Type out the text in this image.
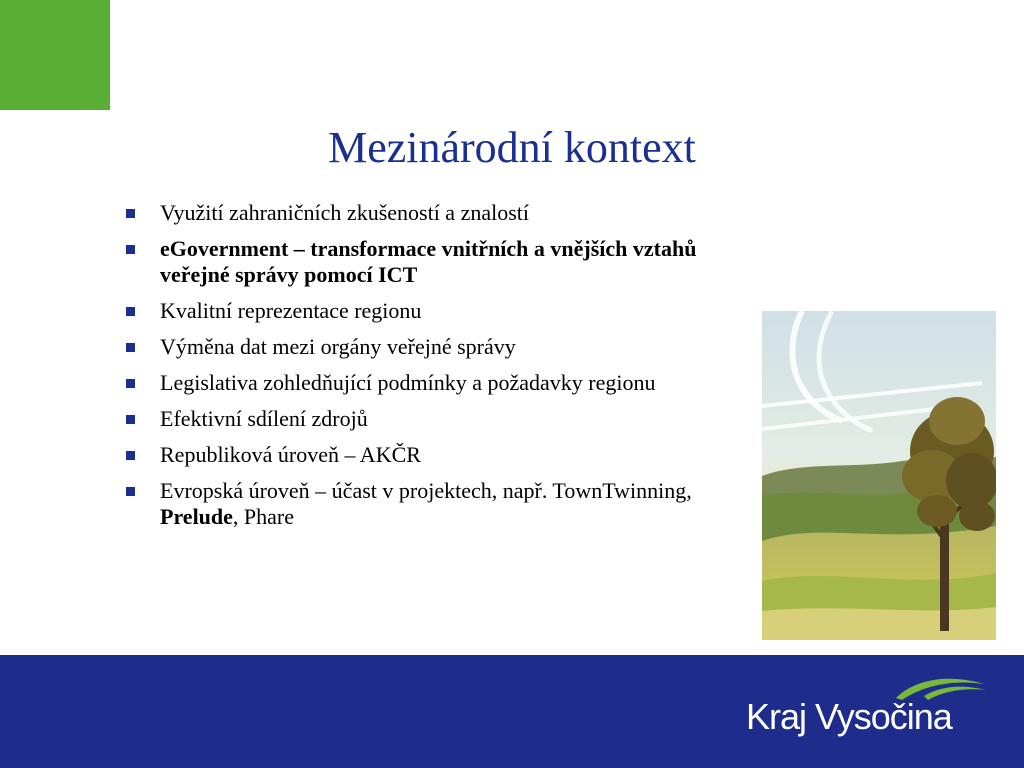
Mezinárodní kontext
Využití zahraničních zkušeností a znalostí
eGovernment – transformace vnitřních a vnějších vztahů veřejné správy pomocí ICT
Kvalitní reprezentace regionu
Výměna dat mezi orgány veřejné správy
Legislativa zohledňující podmínky a požadavky regionu
Efektivní sdílení zdrojů
Republiková úroveň – AKČR
Evropská úroveň – účast v projektech, např. TownTwinning, Prelude, Phare
Kraj Vysočina
